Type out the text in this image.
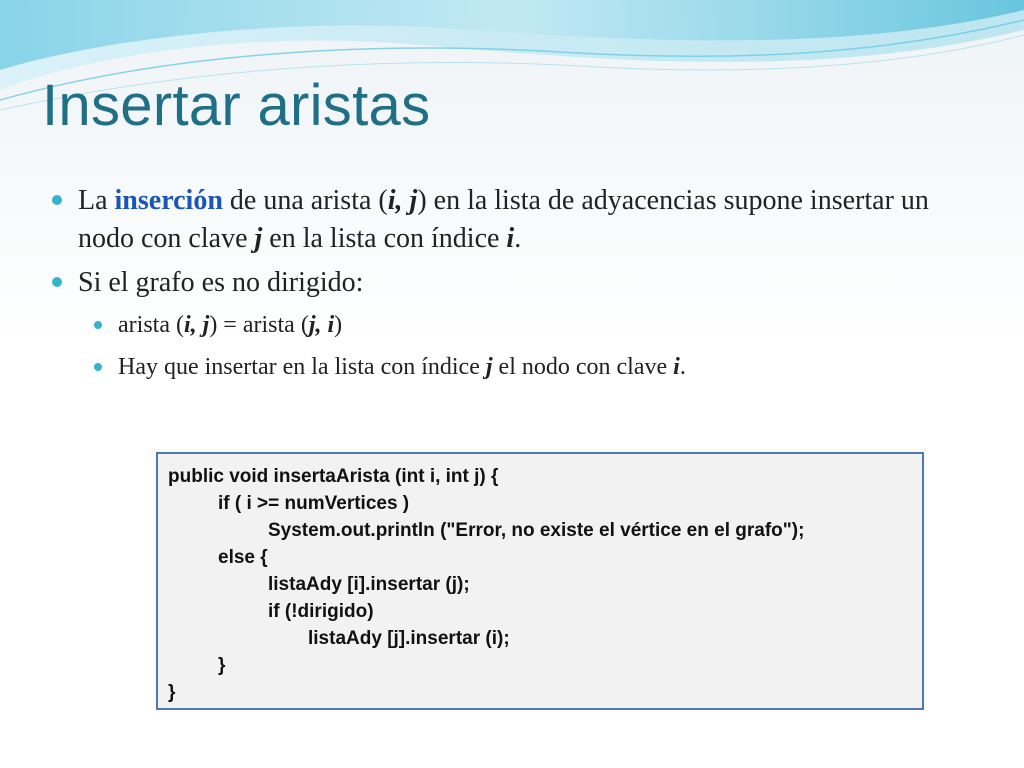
Insertar aristas
La inserción de una arista (i, j) en la lista de adyacencias supone insertar un nodo con clave j en la lista con índice i.
Si el grafo es no dirigido:
arista (i, j) = arista (j, i)
Hay que insertar en la lista con índice j el nodo con clave i.
public void insertaArista (int i, int j) {
if ( i >= numVertices )
System.out.println ("Error, no existe el vértice en el grafo");
else {
listaAdy [i].insertar (j);
if (!dirigido)
listaAdy [j].insertar (i);
}
}
